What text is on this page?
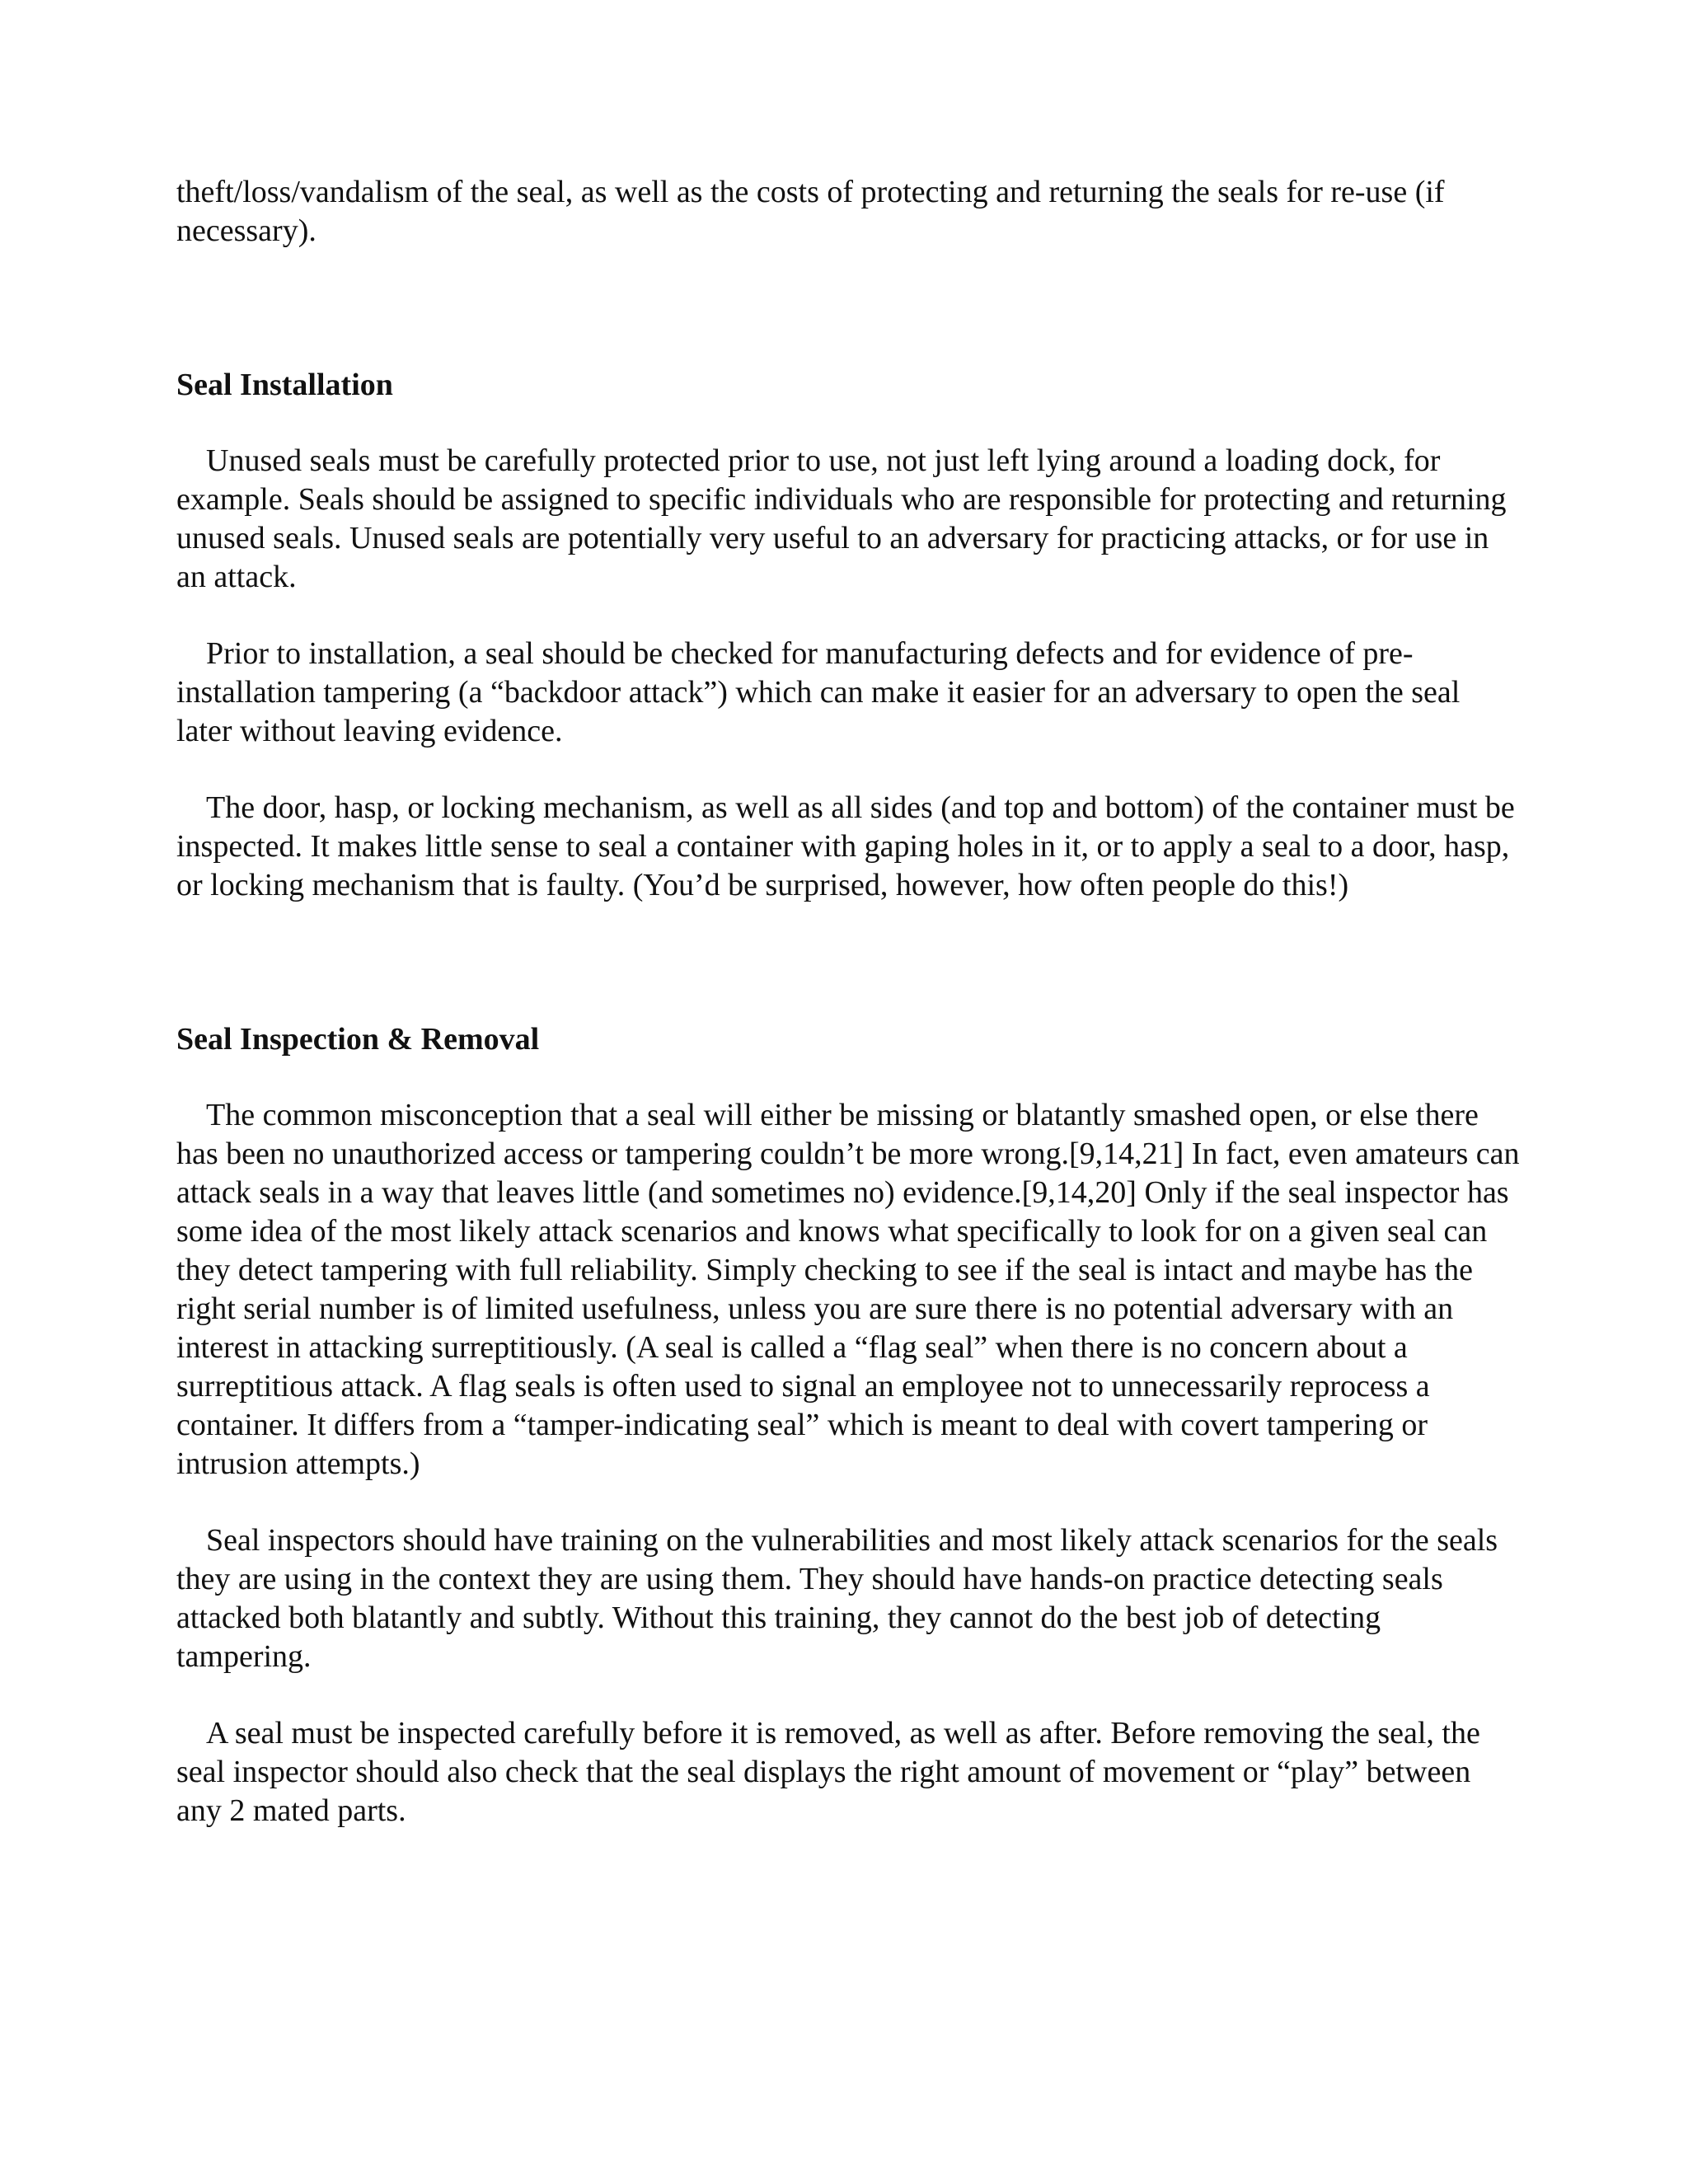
theft/loss/vandalism of the seal, as well as the costs of protecting and returning the seals for re-use (if necessary).

Seal Installation

Unused seals must be carefully protected prior to use, not just left lying around a loading dock, for example. Seals should be assigned to specific individuals who are responsible for protecting and returning unused seals. Unused seals are potentially very useful to an adversary for practicing attacks, or for use in an attack.

Prior to installation, a seal should be checked for manufacturing defects and for evidence of pre-installation tampering (a “backdoor attack”) which can make it easier for an adversary to open the seal later without leaving evidence.

The door, hasp, or locking mechanism, as well as all sides (and top and bottom) of the container must be inspected. It makes little sense to seal a container with gaping holes in it, or to apply a seal to a door, hasp, or locking mechanism that is faulty. (You’d be surprised, however, how often people do this!)

Seal Inspection & Removal

The common misconception that a seal will either be missing or blatantly smashed open, or else there has been no unauthorized access or tampering couldn’t be more wrong.[9,14,21] In fact, even amateurs can attack seals in a way that leaves little (and sometimes no) evidence.[9,14,20] Only if the seal inspector has some idea of the most likely attack scenarios and knows what specifically to look for on a given seal can they detect tampering with full reliability. Simply checking to see if the seal is intact and maybe has the right serial number is of limited usefulness, unless you are sure there is no potential adversary with an interest in attacking surreptitiously. (A seal is called a “flag seal” when there is no concern about a surreptitious attack. A flag seals is often used to signal an employee not to unnecessarily reprocess a container. It differs from a “tamper-indicating seal” which is meant to deal with covert tampering or intrusion attempts.)

Seal inspectors should have training on the vulnerabilities and most likely attack scenarios for the seals they are using in the context they are using them. They should have hands-on practice detecting seals attacked both blatantly and subtly. Without this training, they cannot do the best job of detecting tampering.

A seal must be inspected carefully before it is removed, as well as after. Before removing the seal, the seal inspector should also check that the seal displays the right amount of movement or “play” between any 2 mated parts.
